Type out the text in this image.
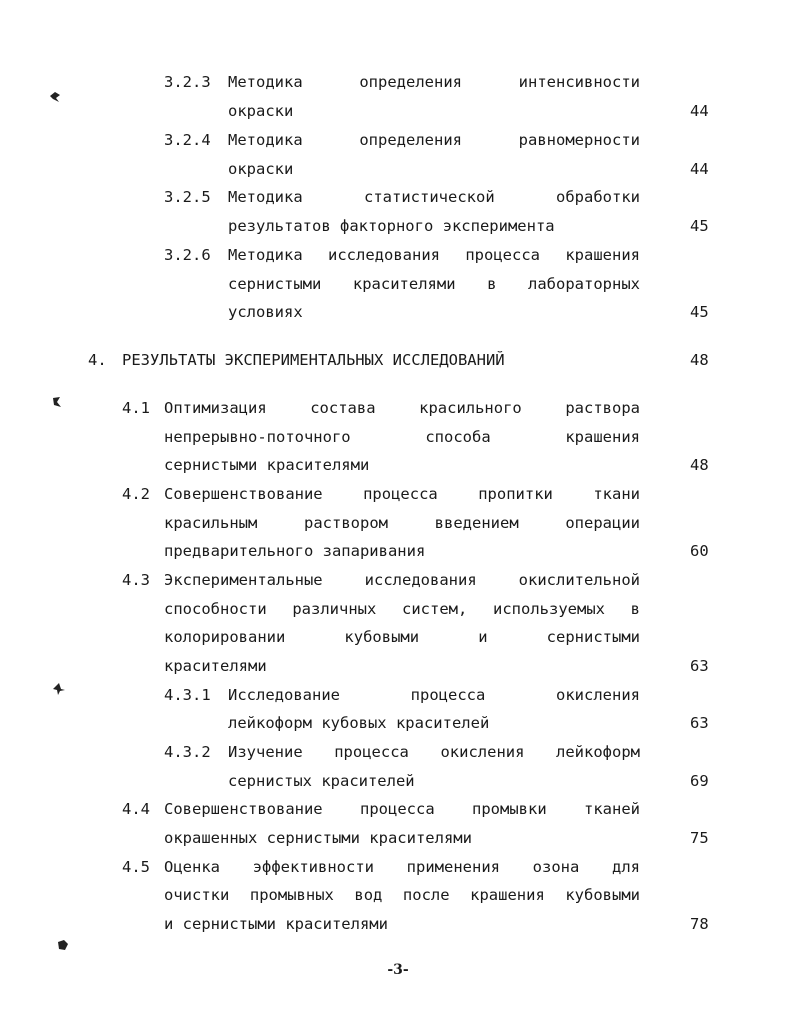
3.2.3 Методика определения интенсивности
окраски	44
3.2.4 Методика определения равномерности
окраски	44
3.2.5 Методика статистической обработки
результатов факторного эксперимента	45
3.2.6 Методика исследования процесса крашения
сернистыми красителями в лабораторных
условиях	45
4. РЕЗУЛЬТАТЫ ЭКСПЕРИМЕНТАЛЬНЫХ ИССЛЕДОВАНИЙ	48
4.1 Оптимизация состава красильного раствора
непрерывно-поточного способа крашения
сернистыми красителями	48
4.2 Совершенствование процесса пропитки ткани
красильным раствором введением операции
предварительного запаривания	60
4.3 Экспериментальные исследования окислительной
способности различных систем, используемых в
колорировании кубовыми и сернистыми
красителями	63
4.3.1 Исследование процесса окисления
лейкоформ кубовых красителей	63
4.3.2 Изучение процесса окисления лейкоформ
сернистых красителей	69
4.4 Совершенствование процесса промывки тканей
окрашенных сернистыми красителями	75
4.5 Оценка эффективности применения озона для
очистки промывных вод после крашения кубовыми
и сернистыми красителями	78
-3-
